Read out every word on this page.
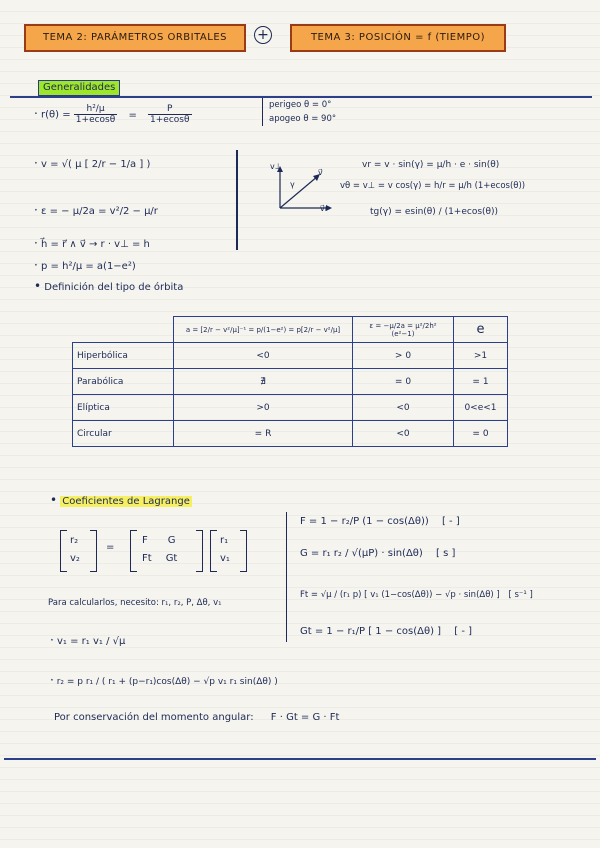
TEMA 2: PARÁMETROS ORBITALES	+	TEMA 3: POSICIÓN = f (TIEMPO)
Generalidades
· $r(\theta) = \frac{\text{h²/μ}}{1+ecos\theta} = \frac{P}{1+ecos\theta}$	perigeo θ = 0°
apogeo θ = 90°
· v = √( μ [ 2/r − 1/a ] )
· ε = − μ/2a = v²/2 − μ/r
· h⃗ = r⃗ ∧ v⃗ → r · v⊥ = h
· p = h²/μ = a(1−e²)
• Definición del tipo de órbita
v⊥
v⃗
γ
v⃗r
vr = v · sin(γ) = μ/h · e · sin(θ)
vθ = v⊥ = v cos(γ) = h/r = μ/h (1+ecos(θ))
tg(γ) = esin(θ) / (1+ecos(θ))
	a = [2/r − v²/μ]⁻¹ = p/(1−e²) = p[2/r − v²/μ]	ε = −μ/2a = μ²/2h² (e²−1)	e
Hiperbólica	<0	> 0	>1
Parabólica	∄	= 0	= 1
Elíptica	>0	<0	0<e<1
Circular	= R	<0	= 0
• Coeficientes de Lagrange
r₂
v₂
=
F G
Ft Gt
r₁
v₁
Para calcularlos, necesito: r₁, r₂, P, Δθ, v₁
· v₁ = r₁ v₁ / √μ
· r₂ = p r₁ / ( r₁ + (p−r₁)cos(Δθ) − √p v₁ r₁ sin(Δθ) )
F = 1 − r₂/P (1 − cos(Δθ)) [ - ]
G = r₁ r₂ / √(μP) · sin(Δθ) [ s ]
Ft = √μ / (r₁ p) [ v₁ (1−cos(Δθ)) − √p · sin(Δθ) ] [ s⁻¹ ]
Gt = 1 − r₁/P [ 1 − cos(Δθ) ] [ - ]
Por conservación del momento angular: F · Gt = G · Ft
